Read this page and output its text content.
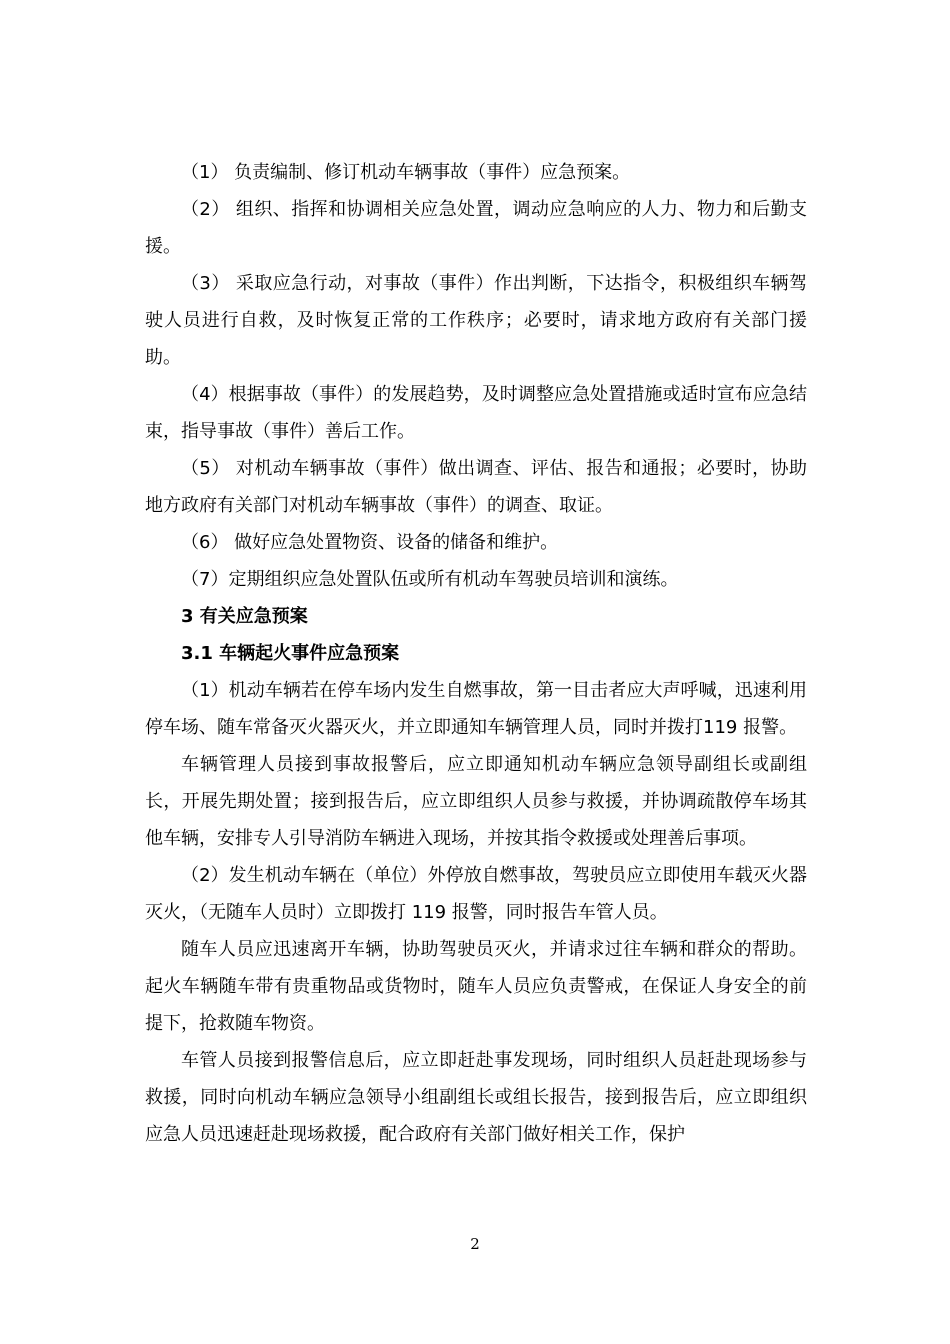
（1） 负责编制、修订机动车辆事故（事件）应急预案。

（2） 组织、指挥和协调相关应急处置，调动应急响应的人力、物力和后勤支援。

（3） 采取应急行动，对事故（事件）作出判断，下达指令，积极组织车辆驾驶人员进行自救，及时恢复正常的工作秩序；必要时，请求地方政府有关部门援助。

（4）根据事故（事件）的发展趋势，及时调整应急处置措施或适时宣布应急结束，指导事故（事件）善后工作。

（5） 对机动车辆事故（事件）做出调查、评估、报告和通报；必要时，协助地方政府有关部门对机动车辆事故（事件）的调查、取证。

（6） 做好应急处置物资、设备的储备和维护。

（7）定期组织应急处置队伍或所有机动车驾驶员培训和演练。

3 有关应急预案

3.1 车辆起火事件应急预案

（1）机动车辆若在停车场内发生自燃事故，第一目击者应大声呼喊，迅速利用停车场、随车常备灭火器灭火，并立即通知车辆管理人员，同时并拨打119 报警。

车辆管理人员接到事故报警后，应立即通知机动车辆应急领导副组长或副组长，开展先期处置；接到报告后，应立即组织人员参与救援，并协调疏散停车场其他车辆，安排专人引导消防车辆进入现场，并按其指令救援或处理善后事项。

（2）发生机动车辆在（单位）外停放自燃事故，驾驶员应立即使用车载灭火器灭火，（无随车人员时）立即拨打 119 报警，同时报告车管人员。

随车人员应迅速离开车辆，协助驾驶员灭火，并请求过往车辆和群众的帮助。起火车辆随车带有贵重物品或货物时，随车人员应负责警戒，在保证人身安全的前提下，抢救随车物资。

车管人员接到报警信息后，应立即赶赴事发现场，同时组织人员赶赴现场参与救援，同时向机动车辆应急领导小组副组长或组长报告，接到报告后，应立即组织应急人员迅速赶赴现场救援，配合政府有关部门做好相关工作，保护

2
